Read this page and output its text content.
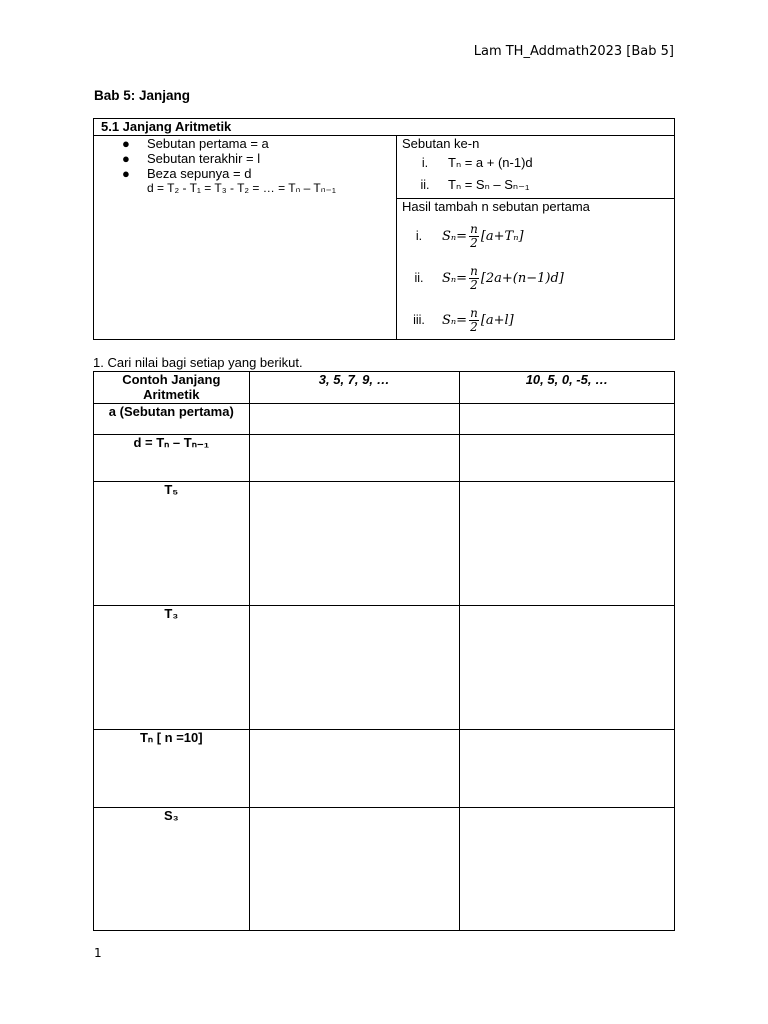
Lam TH_Addmath2023 [Bab 5]
Bab 5: Janjang
5.1 Janjang Aritmetik
● Sebutan pertama = a
● Sebutan terakhir = l
● Beza sepunya = d
d = T₂ - T₁ = T₃ - T₂ = … = Tₙ – Tₙ₋₁
Sebutan ke-n
i.	Tₙ = a + (n-1)d
ii.	Tₙ = Sₙ – Sₙ₋₁
Hasil tambah n sebutan pertama
i.	$S_n= \frac{n}{2} [a+T_n]$
ii.	$S_n= \frac{n}{2} [2a+(n-1)d]$
iii.	$S_n= \frac{n}{2} [a+l]$
1. Cari nilai bagi setiap yang berikut.
Contoh Janjang Aritmetik	3, 5, 7, 9, …	10, 5, 0, -5, …
a (Sebutan pertama)		
d = Tₙ – Tₙ₋₁		
T₅		
T₃		
Tₙ [ n =10]		
S₃		
1
